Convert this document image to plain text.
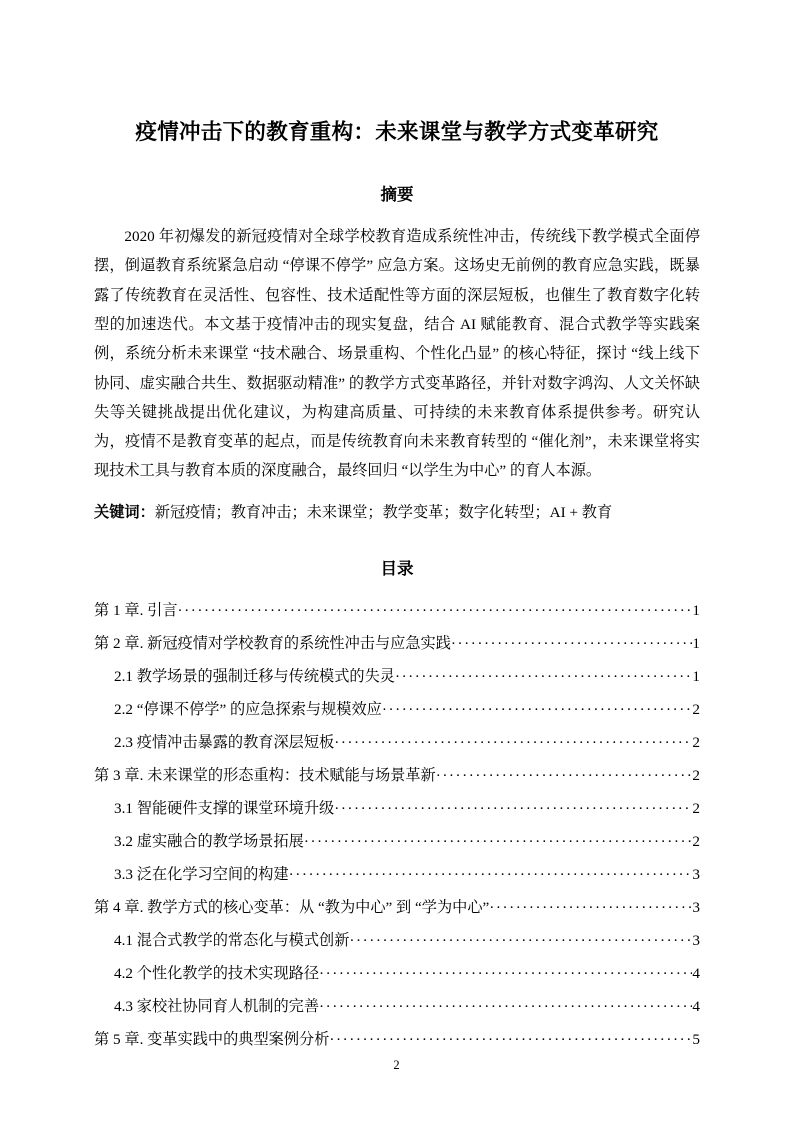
疫情冲击下的教育重构：未来课堂与教学方式变革研究
摘要

2020 年初爆发的新冠疫情对全球学校教育造成系统性冲击，传统线下教学模式全面停摆，倒逼教育系统紧急启动 “停课不停学” 应急方案。这场史无前例的教育应急实践，既暴露了传统教育在灵活性、包容性、技术适配性等方面的深层短板，也催生了教育数字化转型的加速迭代。本文基于疫情冲击的现实复盘，结合 AI 赋能教育、混合式教学等实践案例，系统分析未来课堂 “技术融合、场景重构、个性化凸显” 的核心特征，探讨 “线上线下协同、虚实融合共生、数据驱动精准” 的教学方式变革路径，并针对数字鸿沟、人文关怀缺失等关键挑战提出优化建议，为构建高质量、可持续的未来教育体系提供参考。研究认为，疫情不是教育变革的起点，而是传统教育向未来教育转型的 “催化剂”，未来课堂将实现技术工具与教育本质的深度融合，最终回归 “以学生为中心” 的育人本源。

关键词：新冠疫情；教育冲击；未来课堂；教学变革；数字化转型；AI + 教育

目录
第 1 章. 引言 ·····	1
第 2 章. 新冠疫情对学校教育的系统性冲击与应急实践 ·····	1
2.1 教学场景的强制迁移与传统模式的失灵 ·····	1
2.2 “停课不停学” 的应急探索与规模效应 ·····	2
2.3 疫情冲击暴露的教育深层短板 ·····	2
第 3 章. 未来课堂的形态重构：技术赋能与场景革新 ·····	2
3.1 智能硬件支撑的课堂环境升级 ·····	2
3.2 虚实融合的教学场景拓展 ·····	2
3.3 泛在化学习空间的构建 ·····	3
第 4 章. 教学方式的核心变革：从 “教为中心” 到 “学为中心” ·····	3
4.1 混合式教学的常态化与模式创新 ·····	3
4.2 个性化教学的技术实现路径 ·····	4
4.3 家校社协同育人机制的完善 ·····	4
第 5 章. 变革实践中的典型案例分析 ·····	5
2
